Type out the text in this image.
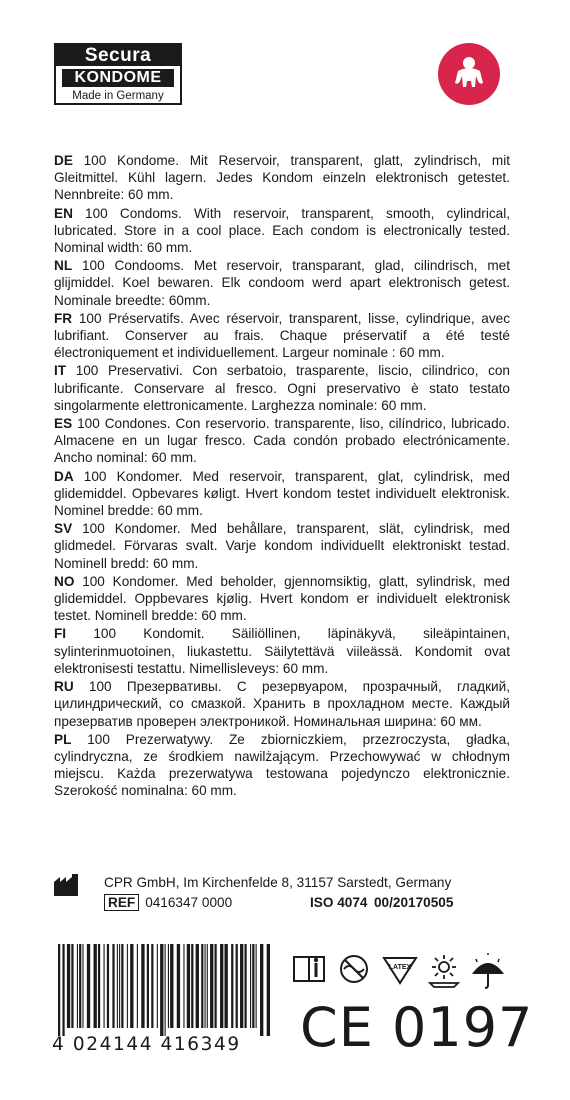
Secura
KONDOME
Made in Germany
DE 100 Kondome. Mit Reservoir, transparent, glatt, zylindrisch, mit Gleitmittel. Kühl lagern. Jedes Kondom einzeln elektronisch getestet. Nennbreite: 60 mm.
EN 100 Condoms. With reservoir, transparent, smooth, cylindrical, lubricated. Store in a cool place. Each condom is electronically tested. Nominal width: 60 mm.
NL 100 Condooms. Met reservoir, transparant, glad, cilindrisch, met glijmiddel. Koel bewaren. Elk condoom werd apart elektronisch getest. Nominale breedte: 60mm.
FR 100 Préservatifs. Avec réservoir, transparent, lisse, cylindrique, avec lubrifiant. Conserver au frais. Chaque préservatif a été testé électroniquement et individuellement. Largeur nominale : 60 mm.
IT 100 Preservativi. Con serbatoio, trasparente, liscio, cilindrico, con lubrificante. Conservare al fresco. Ogni preservativo è stato testato singolarmente elettronicamente. Larghezza nominale: 60 mm.
ES 100 Condones. Con reservorio. transparente, liso, cilíndrico, lubricado. Almacene en un lugar fresco. Cada condón probado electrónicamente. Ancho nominal: 60 mm.
DA 100 Kondomer. Med reservoir, transparent, glat, cylindrisk, med glidemiddel. Opbevares køligt. Hvert kondom testet individuelt elektronisk. Nominel bredde: 60 mm.
SV 100 Kondomer. Med behållare, transparent, slät, cylindrisk, med glidmedel. Förvaras svalt. Varje kondom individuellt elektroniskt testad. Nominell bredd: 60 mm.
NO 100 Kondomer. Med beholder, gjennomsiktig, glatt, sylindrisk, med glidemiddel. Oppbevares kjølig. Hvert kondom er individuelt elektronisk testet. Nominell bredde: 60 mm.
FI 100 Kondomit. Säiliöllinen, läpinäkyvä, sileäpintainen, sylinterinmuotoinen, liukastettu. Säilytettävä viileässä. Kondomit ovat elektronisesti testattu. Nimellisleveys: 60 mm.
RU 100 Презервативы. С резервуаром, прозрачный, гладкий, цилиндрический, со смазкой. Хранить в прохладном месте. Каждый презерватив проверен электроникой. Номинальная ширина: 60 мм.
PL 100 Prezerwatywy. Ze zbiorniczkiem, przezroczysta, gładka, cylindryczna, ze środkiem nawilżającym. Przechowywać w chłodnym miejscu. Każda prezerwatywa testowana pojedynczo elektronicznie. Szerokość nominalna: 60 mm.
CPR GmbH, Im Kirchenfelde 8, 31157 Sarstedt, Germany
REF 0416347 0000	ISO 4074 00/20170505
4 024144 416349
LATEX
CE 0197
